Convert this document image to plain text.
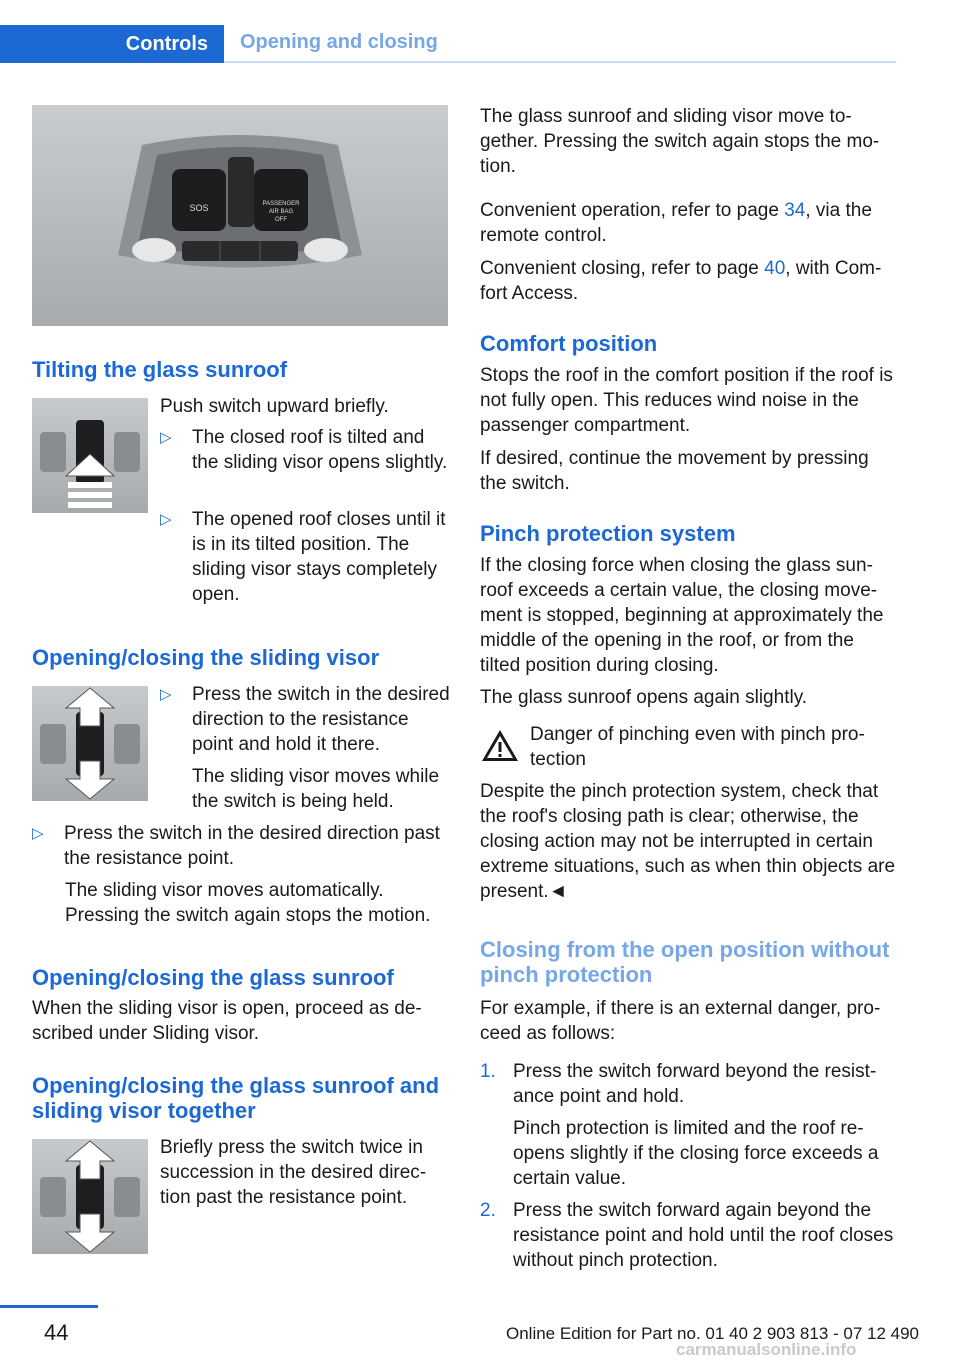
Controls	Opening and closing
SOS	PASSENGER
AIR BAG
OFF
Tilting the glass sunroof

Push switch upward briefly.

▷	The closed roof is tilted and the sliding visor opens slightly.
▷	The opened roof closes until it is in its tilted position. The sliding visor stays completely open.
Opening/closing the sliding visor
▷	Press the switch in the desired direction to the resistance point and hold it there.

The sliding visor moves while the switch is being held.

▷	Press the switch in the desired direction past the resistance point.

The sliding visor moves automatically. Pressing the switch again stops the motion.

Opening/closing the glass sunroof

When the sliding visor is open, proceed as described under Sliding visor.

Opening/closing the glass sunroof and sliding visor together

Briefly press the switch twice in succession in the desired direction past the resistance point.

The glass sunroof and sliding visor move together. Pressing the switch again stops the motion.

Convenient operation, refer to page 34, via the remote control.

Convenient closing, refer to page 40, with Comfort Access.

Comfort position

Stops the roof in the comfort position if the roof is not fully open. This reduces wind noise in the passenger compartment.

If desired, continue the movement by pressing the switch.

Pinch protection system

If the closing force when closing the glass sunroof exceeds a certain value, the closing movement is stopped, beginning at approximately the middle of the opening in the roof, or from the tilted position during closing.

The glass sunroof opens again slightly.

Danger of pinching even with pinch protection

Despite the pinch protection system, check that the roof's closing path is clear; otherwise, the closing action may not be interrupted in certain extreme situations, such as when thin objects are present.◄

Closing from the open position without pinch protection

For example, if there is an external danger, proceed as follows:

1. Press the switch forward beyond the resistance point and hold.

Pinch protection is limited and the roof reopens slightly if the closing force exceeds a certain value.

2. Press the switch forward again beyond the resistance point and hold until the roof closes without pinch protection.
44	Online Edition for Part no. 01 40 2 903 813 - 07 12 490
carmanualsonline.info
